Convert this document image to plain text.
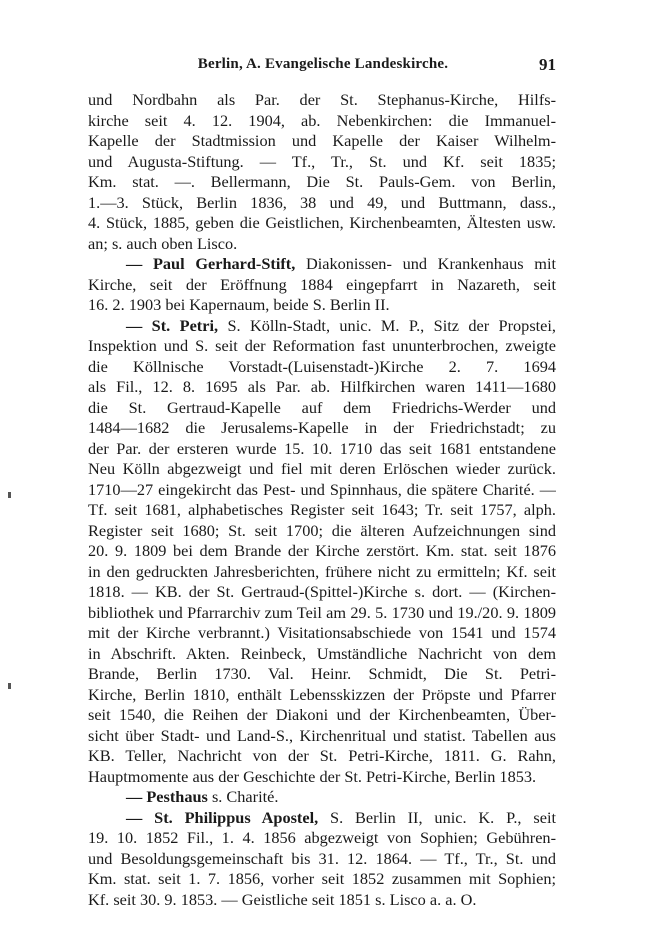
Berlin, A. Evangelische Landeskirche.	91
und Nordbahn als Par. der St. Stephanus-Kirche, Hilfs-
kirche seit 4. 12. 1904, ab. Nebenkirchen: die Immanuel-
Kapelle der Stadtmission und Kapelle der Kaiser Wilhelm-
und Augusta-Stiftung. — Tf., Tr., St. und Kf. seit 1835;
Km. stat. —. Bellermann, Die St. Pauls-Gem. von Berlin,
1.—3. Stück, Berlin 1836, 38 und 49, und Buttmann, dass.,
4. Stück, 1885, geben die Geistlichen, Kirchenbeamten, Ältesten usw.
an; s. auch oben Lisco.
— Paul Gerhard-Stift, Diakonissen- und Krankenhaus mit
Kirche, seit der Eröffnung 1884 eingepfarrt in Nazareth, seit
16. 2. 1903 bei Kapernaum, beide S. Berlin II.
— St. Petri, S. Kölln-Stadt, unic. M. P., Sitz der Propstei,
Inspektion und S. seit der Reformation fast ununterbrochen, zweigte
die Köllnische Vorstadt-(Luisenstadt-)Kirche 2. 7. 1694
als Fil., 12. 8. 1695 als Par. ab. Hilfkirchen waren 1411—1680
die St. Gertraud-Kapelle auf dem Friedrichs-Werder und
1484—1682 die Jerusalems-Kapelle in der Friedrichstadt; zu
der Par. der ersteren wurde 15. 10. 1710 das seit 1681 entstandene
Neu Kölln abgezweigt und fiel mit deren Erlöschen wieder zurück.
1710—27 eingekircht das Pest- und Spinnhaus, die spätere Charité. —
Tf. seit 1681, alphabetisches Register seit 1643; Tr. seit 1757, alph.
Register seit 1680; St. seit 1700; die älteren Aufzeichnungen sind
20. 9. 1809 bei dem Brande der Kirche zerstört. Km. stat. seit 1876
in den gedruckten Jahresberichten, frühere nicht zu ermitteln; Kf. seit
1818. — KB. der St. Gertraud-(Spittel-)Kirche s. dort. — (Kirchen-
bibliothek und Pfarrarchiv zum Teil am 29. 5. 1730 und 19./20. 9. 1809
mit der Kirche verbrannt.) Visitationsabschiede von 1541 und 1574
in Abschrift. Akten. Reinbeck, Umständliche Nachricht von dem
Brande, Berlin 1730. Val. Heinr. Schmidt, Die St. Petri-
Kirche, Berlin 1810, enthält Lebensskizzen der Pröpste und Pfarrer
seit 1540, die Reihen der Diakoni und der Kirchenbeamten, Über-
sicht über Stadt- und Land-S., Kirchenritual und statist. Tabellen aus
KB. Teller, Nachricht von der St. Petri-Kirche, 1811. G. Rahn,
Hauptmomente aus der Geschichte der St. Petri-Kirche, Berlin 1853.
— Pesthaus s. Charité.
— St. Philippus Apostel, S. Berlin II, unic. K. P., seit
19. 10. 1852 Fil., 1. 4. 1856 abgezweigt von Sophien; Gebühren-
und Besoldungsgemeinschaft bis 31. 12. 1864. — Tf., Tr., St. und
Km. stat. seit 1. 7. 1856, vorher seit 1852 zusammen mit Sophien;
Kf. seit 30. 9. 1853. — Geistliche seit 1851 s. Lisco a. a. O.
